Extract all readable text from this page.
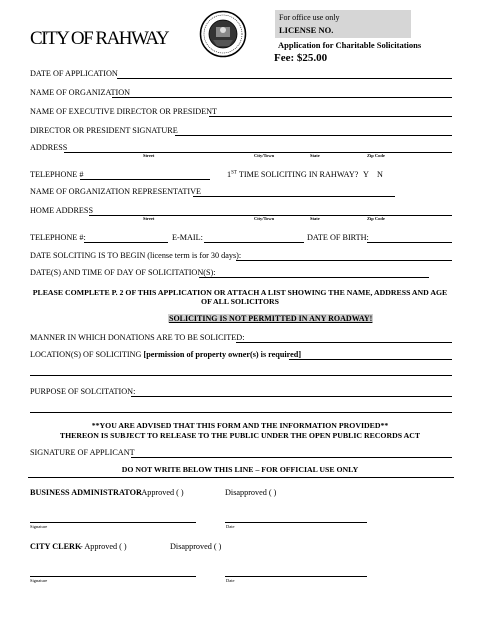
CITY OF RAHWAY
For office use only
LICENSE NO.
Application for Charitable Solicitations
Fee: $25.00
DATE OF APPLICATION
NAME OF ORGANIZATION
NAME OF EXECUTIVE DIRECTOR OR PRESIDENT
DIRECTOR OR PRESIDENT SIGNATURE
ADDRESS
Street	City/Town	State	Zip Code
TELEPHONE #	1ST TIME SOLICITING IN RAHWAY? Y N
NAME OF ORGANIZATION REPRESENTATIVE
HOME ADDRESS
Street	City/Town	State	Zip Code
TELEPHONE #:	E-MAIL:	DATE OF BIRTH:
DATE SOLCITING IS TO BEGIN (license term is for 30 days):
DATE(S) AND TIME OF DAY OF SOLICITATION(S):
PLEASE COMPLETE P. 2 OF THIS APPLICATION OR ATTACH A LIST SHOWING THE NAME, ADDRESS AND AGE
OF ALL SOLICITORS
SOLICITING IS NOT PERMITTED IN ANY ROADWAY!
MANNER IN WHICH DONATIONS ARE TO BE SOLICITED:
LOCATION(S) OF SOLICITING [permission of property owner(s) is required]
PURPOSE OF SOLCITATION:
**YOU ARE ADVISED THAT THIS FORM AND THE INFORMATION PROVIDED**
THEREON IS SUBJECT TO RELEASE TO THE PUBLIC UNDER THE OPEN PUBLIC RECORDS ACT
SIGNATURE OF APPLICANT
DO NOT WRITE BELOW THIS LINE – FOR OFFICIAL USE ONLY
BUSINESS ADMINISTRATOR
- Approved ( )	Disapproved ( )
Signature	Date
CITY CLERK
- Approved ( )	Disapproved ( )
Signature	Date
